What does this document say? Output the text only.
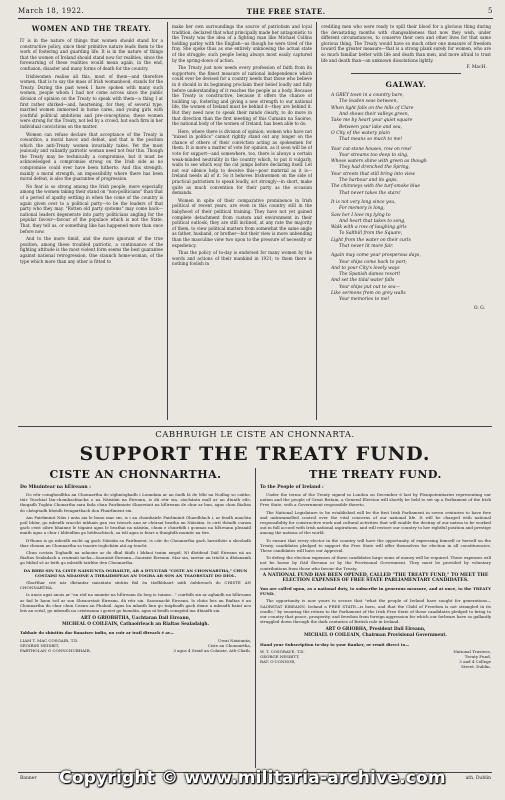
March 18, 1922.	THE FREE STATE.	5
WOMEN AND THE TREATY.

IT is in the nature of things that women should stand for a constructive policy, since their primitive nature leads them to the work of fostering and guarding life. It is in the nature of things that the women of Ireland should stand now for realities, since the forewarning of these realities would mean again, in the end, confusion, disaster and many forms of death for the country.

Irishwomen realise all this, most of them—and therefore women, that is to say the mass of Irish womanhood, stands for the Treaty. During the past week I have spoken with many such women, people whom I had not come across since the public division of opinion on the Treaty to speak with them—a thing I at first rather shirked—and, heartening, for they, of several type, married women immersed in home cares, and young girls with youthful political ambitions and pre-conceptions; these women were strong for the Treaty, not led by a crowd, but each firm in her individual convictions on the matter.

Women can refuse declare that acceptance of the Treaty is cowardice, a moral havoc and defeat, and that is the position which the anti-Treaty women invariably takes. Yet the most jealously and valiantly patriotic woman need not fear this. Though the Treaty may be technically a compromise, but it must be acknowledged a compromise strong on the Irish side as no compromise could ever have been hitherto. And this strength, mainly a moral strength, an impossibility where there has been moral defeat, is also the guarantee of progression.

No fear is so strong among the Irish people, more especially among the women taking their stand on "non-politicians" than that of a period of apathy settling in when the come of the country is again given over to a political party—to be the leaders of that party who they may. "Rotten old party systems" may come back—national leaders degenerate into party politicians angling for the popular favour—favour of the populace which is not the State. That, they tell us, or something like has happened more than once before now.

And to the more timid, and the more ignorant of the true position, among these troubled patriotic, a continuance of the fighting attitude is the most violent form seems the best guarantee against national retrogression. One staunch home-woman, of the type which more than any other is fitted to

make her own surroundings the source of patriotism and loyal tradition, declared that what principally made her antagonistic to the Treaty was the idea of a fighting man like Michael Collins holding parley with the English—as though he were tired of the fray. She spoke thus as one entirely unknowing the actual state of the struggle; such people being always most easily captured by the spring-down of action.

The Treaty just now needs every profession of faith from its supporters; the finest measure of national independence which could ever be devised for a country needs that those who believe in it should in its beginning proclaim their belief loudly and fully before understanding of it reaches the people as a body. Because the Treaty is constructive, because it offers the chance of building up, fostering and giving a new strength to our national life, the women of Ireland must be behind it—they are behind it. But they need now to speak their minds clearly, to do more in that direction than the first meeting of this Cumann na Saoirse, the national body of the women of Ireland, has been able to do.

Here, where there is division of opinion, women who have not "mixed in politics" cannot rightly stand out any longer on the chance of others of their conviction acting as spokesmen for them. It is more a matter of vote for opinion, as it soon will be of vote for support—and somewhere, too, there is always a certain weak-minded neutrality in the country which, to put it vulgarly, waits to see which way the cat jumps before declaring itself. Let not our silence help to deceive this—poor material as it is—Ireland needs all of it. So it behoves Irishwomen on the side of practical patriotism to speak loudly, act strongly—in short, make quite as much convention for their party as the occasion demands.

Women in spite of their comparative prominence in Irish political of recent years, are even in this country still in the babyhood of their political training. They have not yet gained complete detachment from custom and environment in their political outlook; they are still inclined, at any rate the majority of them, to view political matters from somewhat the same angle as father, husband, or brother—but their view is more unbending than the masculine view two upon to the pressure of necessity or expediency.

Thus the policy of to-day is endorsed for many women by the words and actions of their mankind in 1921; to them there is nothing foolish in

crediting men who were ready to spill their blood for a glorious thing during the devastating months with changeableness that now they wish, under different circumstances, to conserve their own and other lives for that same glorious thing. The Treaty would have so much other one measure of freedom toward the greater measure—that is a strong plank surely for women, who are so much familiar better with life and death than men, and more afraid to trust life and death than—an unknown dissolutions lightly.
F. MacH.
GALWAY.
A GREY town in a country bare,
The leaden seas between,
When light falls on the hills of Clare
And shows their valleys green,
Take me by heart your quiet square
Between your lake and sea,
O City of the watery plain
That means so much to me!
Your cut-stone houses, row on row!
Your streams too deep to sing,
Whose waters shine with green as though
They had drenched the Spring,
Your streets that still bring into view
The harbour and its gaps,
The chimneys with the turf-smoke blue
That never takes the stars!
It is not very long since you,
For memory is long,
Saw her I love my lying to
And heart that takes to song,
Walk with a row of laughing girls
To Salthill from the Square,
Light from the water on their curls
That never lit more fair.
Again may come your prosperous days,
Your ships come back to port;
And to your City's lovely ways
The Spanish dames resort!
And set the tidal water falls
Your ships put out to sea—
Like sermons from on grey walls
Your memories to me!
O. G.
CABHRUIGH LE CISTE AN CHONNARTA.
SUPPORT THE TREATY FUND.
CISTE AN CHONNARTHA.
Do Mhuintear na hÉireann :

Do réir coinghealltha an Chonnartha do síghníoghadh i Lonndain ar an 6adh lá de Mhí na Nodlag so caithe, tiúr Teachtaí lán-chomhachtacha o na Náisiúin na Éireann, is dá réir sin, síochánta mall ar an dtuath eile, thugadh Toghta Chonartha sara fada chun Pairliminte Shaorstait na hÉireann de chur ar bun, agus chun Rialtas do chéaptadh bheidh freagarthach don Phairliment sin.

Am Pairliminit Náis i unta aia le bunu mar sin, is i an chomhairle Pairliminit Ghaedhlach i, ar feadh nuachta poil bhíar, go mbeidh sraocht inbhain gan cur isteach ann ar chúrsaí beatha an Náisiúin. Is cirtí théadh curam gach ceist oibre bhainne le tógaint agus le beathai na náisiún, chum e chuirfidh i gcumas na hÉireann pleanáil maith agus a chur i bhfeidhm go héifeachtach, sa tslí agus is fearr a thuigfidh muintir na tíre.

D'fhonn is go mbeidh eacht ag gach Náisiún sa Pairliment, is cóir do Chonnartha gach Iarrathóir a sheoladh thar cheann an Chonnartha sa tsaoire toghcháin atá ag teacht.

Chun costais Toghadh na ndaoine ar do dhul fáidh i bhfaoí tsuim airgid. Ní dhéifead Dáil Éireann ná an Rialtas Sealadach a cruinniú tacha—Saoraisit Éireann—Saoraist Éireann. Mar sin, iarrtar an trácht a dhéanamh go bhfuil sé ar leith go mbeidh tairbhe den Chonnartha.

DA BHRI SIN TA CISTE NAISIUNTA OGHAILTE, AR A DTUGTAR "CISTE AN CHONNARTHA," CHUN COSTAISI NA NDAOINE A THRAIDHFEAS AN TOGHA AR SON AN TSAORSTAIT DO DÍOL.

Glacfthar cirt nár dhéanfar naisiúnta síntiús fiál ón tíodhbhairt iaith ónbhreach do CHISTE AN CHONNARTHA.

Is anois agat anois ar "an ród na muintir na hÉireann do lorg is tuinne..." cuirfidh sin ar aghaidh na hÉireann ar fad le haon toil ar son Sheaorstait Éireann, dá réir sin. Saoranacht Éireann. Is chúis leis an Rialtas é an Chonnartha do chur chun Ceann an Phobail. Agus ba mhaith linn go tuigfeadh gach éinne a mbeadh baint acu leis an scéal, go mbeadh na ceisteanna i gceist go hiomlán, agus ní beidh conspóid ina dhiaidh sin.

ART O GRIOBHTHA, Uachtaran Dail Eireann,
MICHEAL O COILEAIN, Cathaoirleach an Rialtas Sealadaigh.
Tabhair do shíntiús dar fianaiser indio, no cuir ar trail direach é ar—
LIAM T. MAC COSGAIR, T.D.	Urrai Naisiunta,
SEOIRSE NEISBIT,	Ciste an Chonnartha,
PARTHOLAN O CONNCHUBHAIR,	3 agus 4 Sraid an Colaiste, Ath-Cliath.
THE TREATY FUND.
To the People of Ireland :

Under the terms of the Treaty signed in London on December 6 last by Plenipotentiaries representing our nation and the people of Great Britain, a General Election will shortly be held to set up a Parliament of the Irish Free State, with a Government responsible thereto.

The National Legislature to be established will be the first Irish Parliament in seven centuries to have free and untrammelled control over the vital concerns of our national life. It will be charged with national responsibility for constructive work and cultural activities that will enable the destiny of our nation to be worked out in full accord with Irish national aspirations, and will restore our country to her rightful position and prestige among the nations of the world.

To ensure that every elector in the country will have the opportunity of expressing himself or herself on the Treaty, candidates pledged to support the Free State will offer themselves for election in all constituencies. These candidates will have our Approval.

To defray the election expenses of these candidates large sums of money will be required. These expenses will not be borne by Dáil Éireann or by the Provisional Government. They must be provided by voluntary contributions from those who favour the Treaty.

A NATIONAL FUND HAS BEEN OPENED, CALLED "THE TREATY FUND," TO MEET THE ELECTION EXPENSES OF FREE STATE PARLIAMENTARY CANDIDATES.

You are called upon, as a national duty, to subscribe in generous measure, and at once, to the TREATY FUND.

The opportunity is now yours to secure that "what the people of Ireland have sought for generations—SAORSTAT EIREANN, Ireland a FREE STATE—is born, and that the Child of Freedom is not strangled in its cradle," by ensuring the return to the Parliament of the Irish Free State of those candidates pledged to bring to our country that peace, prosperity, and freedom from foreign aggression for which our forbears have so gallantly struggled down through the dark centuries of British rule in Ireland.

ART O GRIOBHA, President Dail Eireann,
MICHAEL O COILEAIN, Chairman Provisional Government.
Hand your Subscription to-day to your Banker, or remit direct to—
W. T. COSGRAVE, T.D.	National Trustees,
GEORGE NESBITT,	Treaty Fund,
BAT. O'CONNOR,	3 and 4 College
Street, Dublin.
Banner	ath, Dublin
Copyright © www.militaria-archive.com
